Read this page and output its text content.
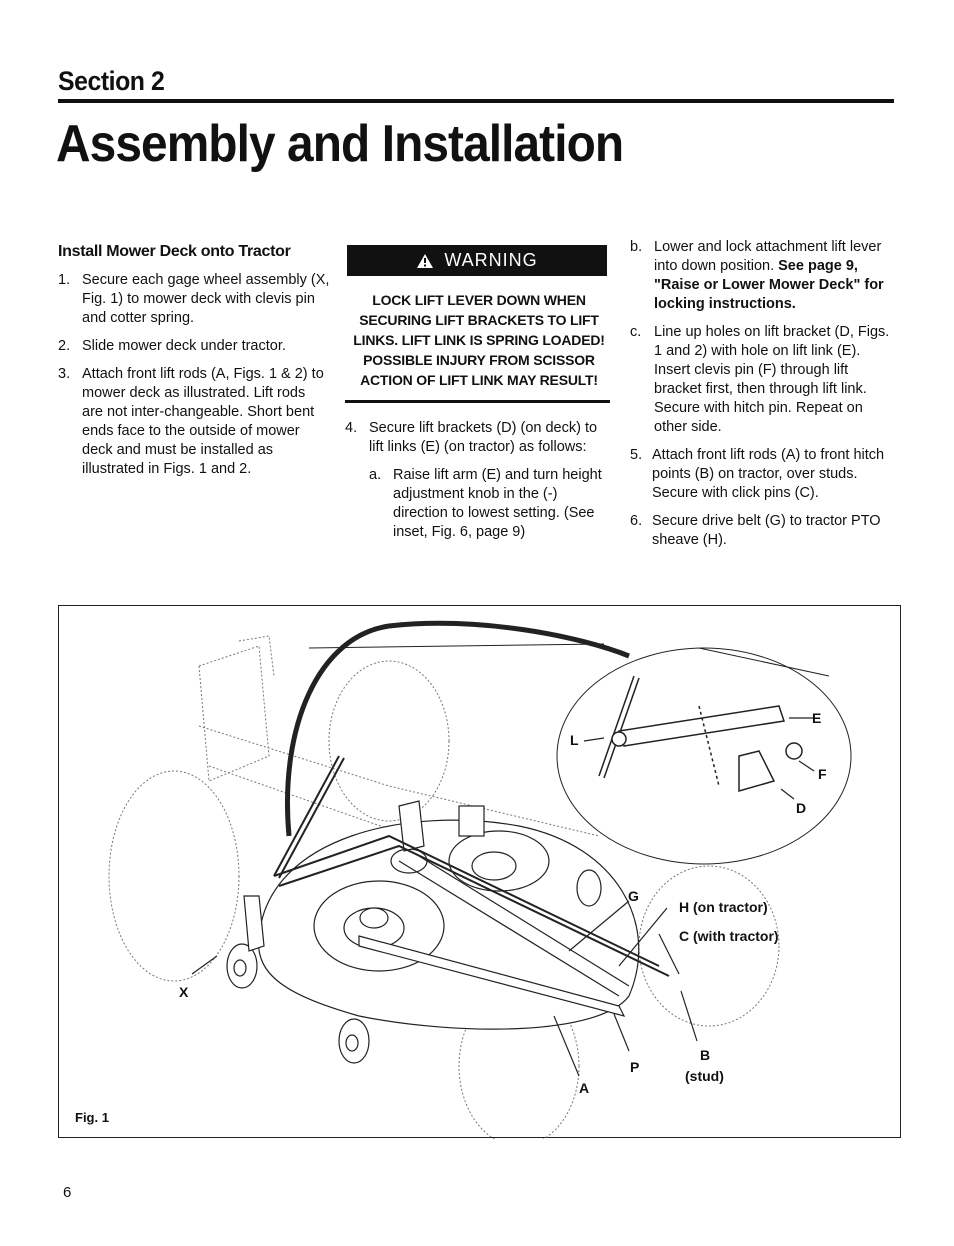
Section 2
Assembly and Installation
Install Mower Deck onto Tractor
1. Secure each gage wheel assembly (X, Fig. 1) to mower deck with clevis pin and cotter spring.
2. Slide mower deck under tractor.
3. Attach front lift rods (A, Figs. 1 & 2) to mower deck as illustrated. Lift rods are not inter-changeable. Short bent ends face to the outside of mower deck and must be installed as illustrated in Figs. 1 and 2.
WARNING
LOCK LIFT LEVER DOWN WHEN SECURING LIFT BRACKETS TO LIFT LINKS. LIFT LINK IS SPRING LOADED! POSSIBLE INJURY FROM SCISSOR ACTION OF LIFT LINK MAY RESULT!
4. Secure lift brackets (D) (on deck) to lift links (E) (on tractor) as follows:
a. Raise lift arm (E) and turn height adjustment knob in the (-) direction to lowest setting. (See inset, Fig. 6, page 9)
b. Lower and lock attachment lift lever into down position. See page 9, "Raise or Lower Mower Deck" for locking instructions.
c. Line up holes on lift bracket (D, Figs. 1 and 2) with hole on lift link (E). Insert clevis pin (F) through lift bracket first, then through lift link. Secure with hitch pin. Repeat on other side.
5. Attach front lift rods (A) to front hitch points (B) on tractor, over studs. Secure with click pins (C).
6. Secure drive belt (G) to tractor PTO sheave (H).
E
L
F
D
G
H (on tractor)
C (with tractor)
X
A
P
B
(stud)
Fig. 1
6
